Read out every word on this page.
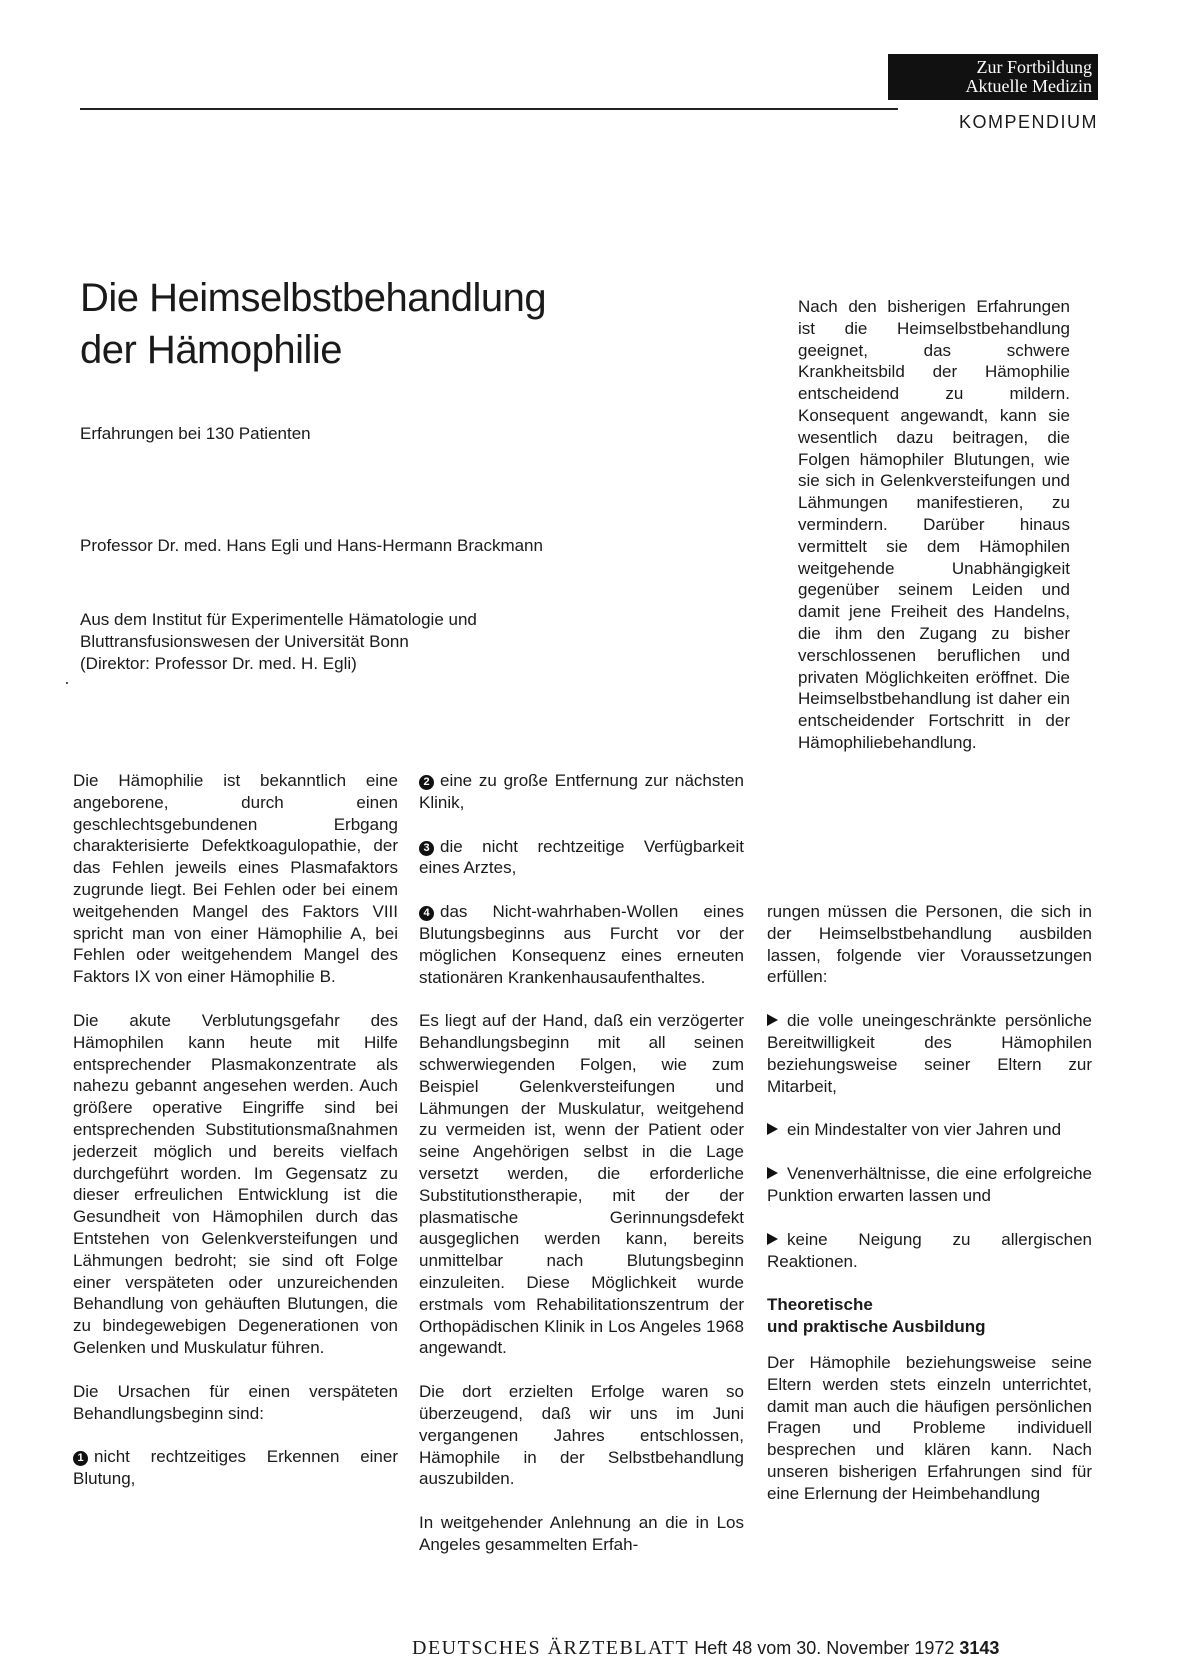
Zur Fortbildung
Aktuelle Medizin
KOMPENDIUM
Die Heimselbstbehandlung
der Hämophilie
Erfahrungen bei 130 Patienten
Professor Dr. med. Hans Egli und Hans-Hermann Brackmann
Aus dem Institut für Experimentelle Hämatologie und
Bluttransfusionswesen der Universität Bonn
(Direktor: Professor Dr. med. H. Egli)
Nach den bisherigen Erfahrungen ist die Heimselbstbehandlung geeignet, das schwere Krankheitsbild der Hämophilie entscheidend zu mildern. Konsequent angewandt, kann sie wesentlich dazu beitragen, die Folgen hämophiler Blutungen, wie sie sich in Gelenkversteifungen und Lähmungen manifestieren, zu vermindern. Darüber hinaus vermittelt sie dem Hämophilen weitgehende Unabhängigkeit gegenüber seinem Leiden und damit jene Freiheit des Handelns, die ihm den Zugang zu bisher verschlossenen beruflichen und privaten Möglichkeiten eröffnet. Die Heimselbstbehandlung ist daher ein entscheidender Fortschritt in der Hämophiliebehandlung.

Die Hämophilie ist bekanntlich eine angeborene, durch einen geschlechtsgebundenen Erbgang charakterisierte Defektkoagulopathie, der das Fehlen jeweils eines Plasmafaktors zugrunde liegt. Bei Fehlen oder bei einem weitgehenden Mangel des Faktors VIII spricht man von einer Hämophilie A, bei Fehlen oder weitgehendem Mangel des Faktors IX von einer Hämophilie B.

Die akute Verblutungsgefahr des Hämophilen kann heute mit Hilfe entsprechender Plasmakonzentrate als nahezu gebannt angesehen werden. Auch größere operative Eingriffe sind bei entsprechenden Substitutionsmaßnahmen jederzeit möglich und bereits vielfach durchgeführt worden. Im Gegensatz zu dieser erfreulichen Entwicklung ist die Gesundheit von Hämophilen durch das Entstehen von Gelenkversteifungen und Lähmungen bedroht; sie sind oft Folge einer verspäteten oder unzureichenden Behandlung von gehäuften Blutungen, die zu bindegewebigen Degenerationen von Gelenken und Muskulatur führen.

Die Ursachen für einen verspäteten Behandlungsbeginn sind:

1 nicht rechtzeitiges Erkennen einer Blutung,

2 eine zu große Entfernung zur nächsten Klinik,

3 die nicht rechtzeitige Verfügbarkeit eines Arztes,

4 das Nicht-wahrhaben-Wollen eines Blutungsbeginns aus Furcht vor der möglichen Konsequenz eines erneuten stationären Krankenhausaufenthaltes.

Es liegt auf der Hand, daß ein verzögerter Behandlungsbeginn mit all seinen schwerwiegenden Folgen, wie zum Beispiel Gelenkversteifungen und Lähmungen der Muskulatur, weitgehend zu vermeiden ist, wenn der Patient oder seine Angehörigen selbst in die Lage versetzt werden, die erforderliche Substitutionstherapie, mit der der plasmatische Gerinnungsdefekt ausgeglichen werden kann, bereits unmittelbar nach Blutungsbeginn einzuleiten. Diese Möglichkeit wurde erstmals vom Rehabilitationszentrum der Orthopädischen Klinik in Los Angeles 1968 angewandt.

Die dort erzielten Erfolge waren so überzeugend, daß wir uns im Juni vergangenen Jahres entschlossen, Hämophile in der Selbstbehandlung auszubilden.

In weitgehender Anlehnung an die in Los Angeles gesammelten Erfah-

rungen müssen die Personen, die sich in der Heimselbstbehandlung ausbilden lassen, folgende vier Voraussetzungen erfüllen:

die volle uneingeschränkte persönliche Bereitwilligkeit des Hämophilen beziehungsweise seiner Eltern zur Mitarbeit,

ein Mindestalter von vier Jahren und

Venenverhältnisse, die eine erfolgreiche Punktion erwarten lassen und

keine Neigung zu allergischen Reaktionen.

Theoretische
und praktische Ausbildung

Der Hämophile beziehungsweise seine Eltern werden stets einzeln unterrichtet, damit man auch die häufigen persönlichen Fragen und Probleme individuell besprechen und klären kann. Nach unseren bisherigen Erfahrungen sind für eine Erlernung der Heimbehandlung

DEUTSCHES ÄRZTEBLATT Heft 48 vom 30. November 1972 3143
